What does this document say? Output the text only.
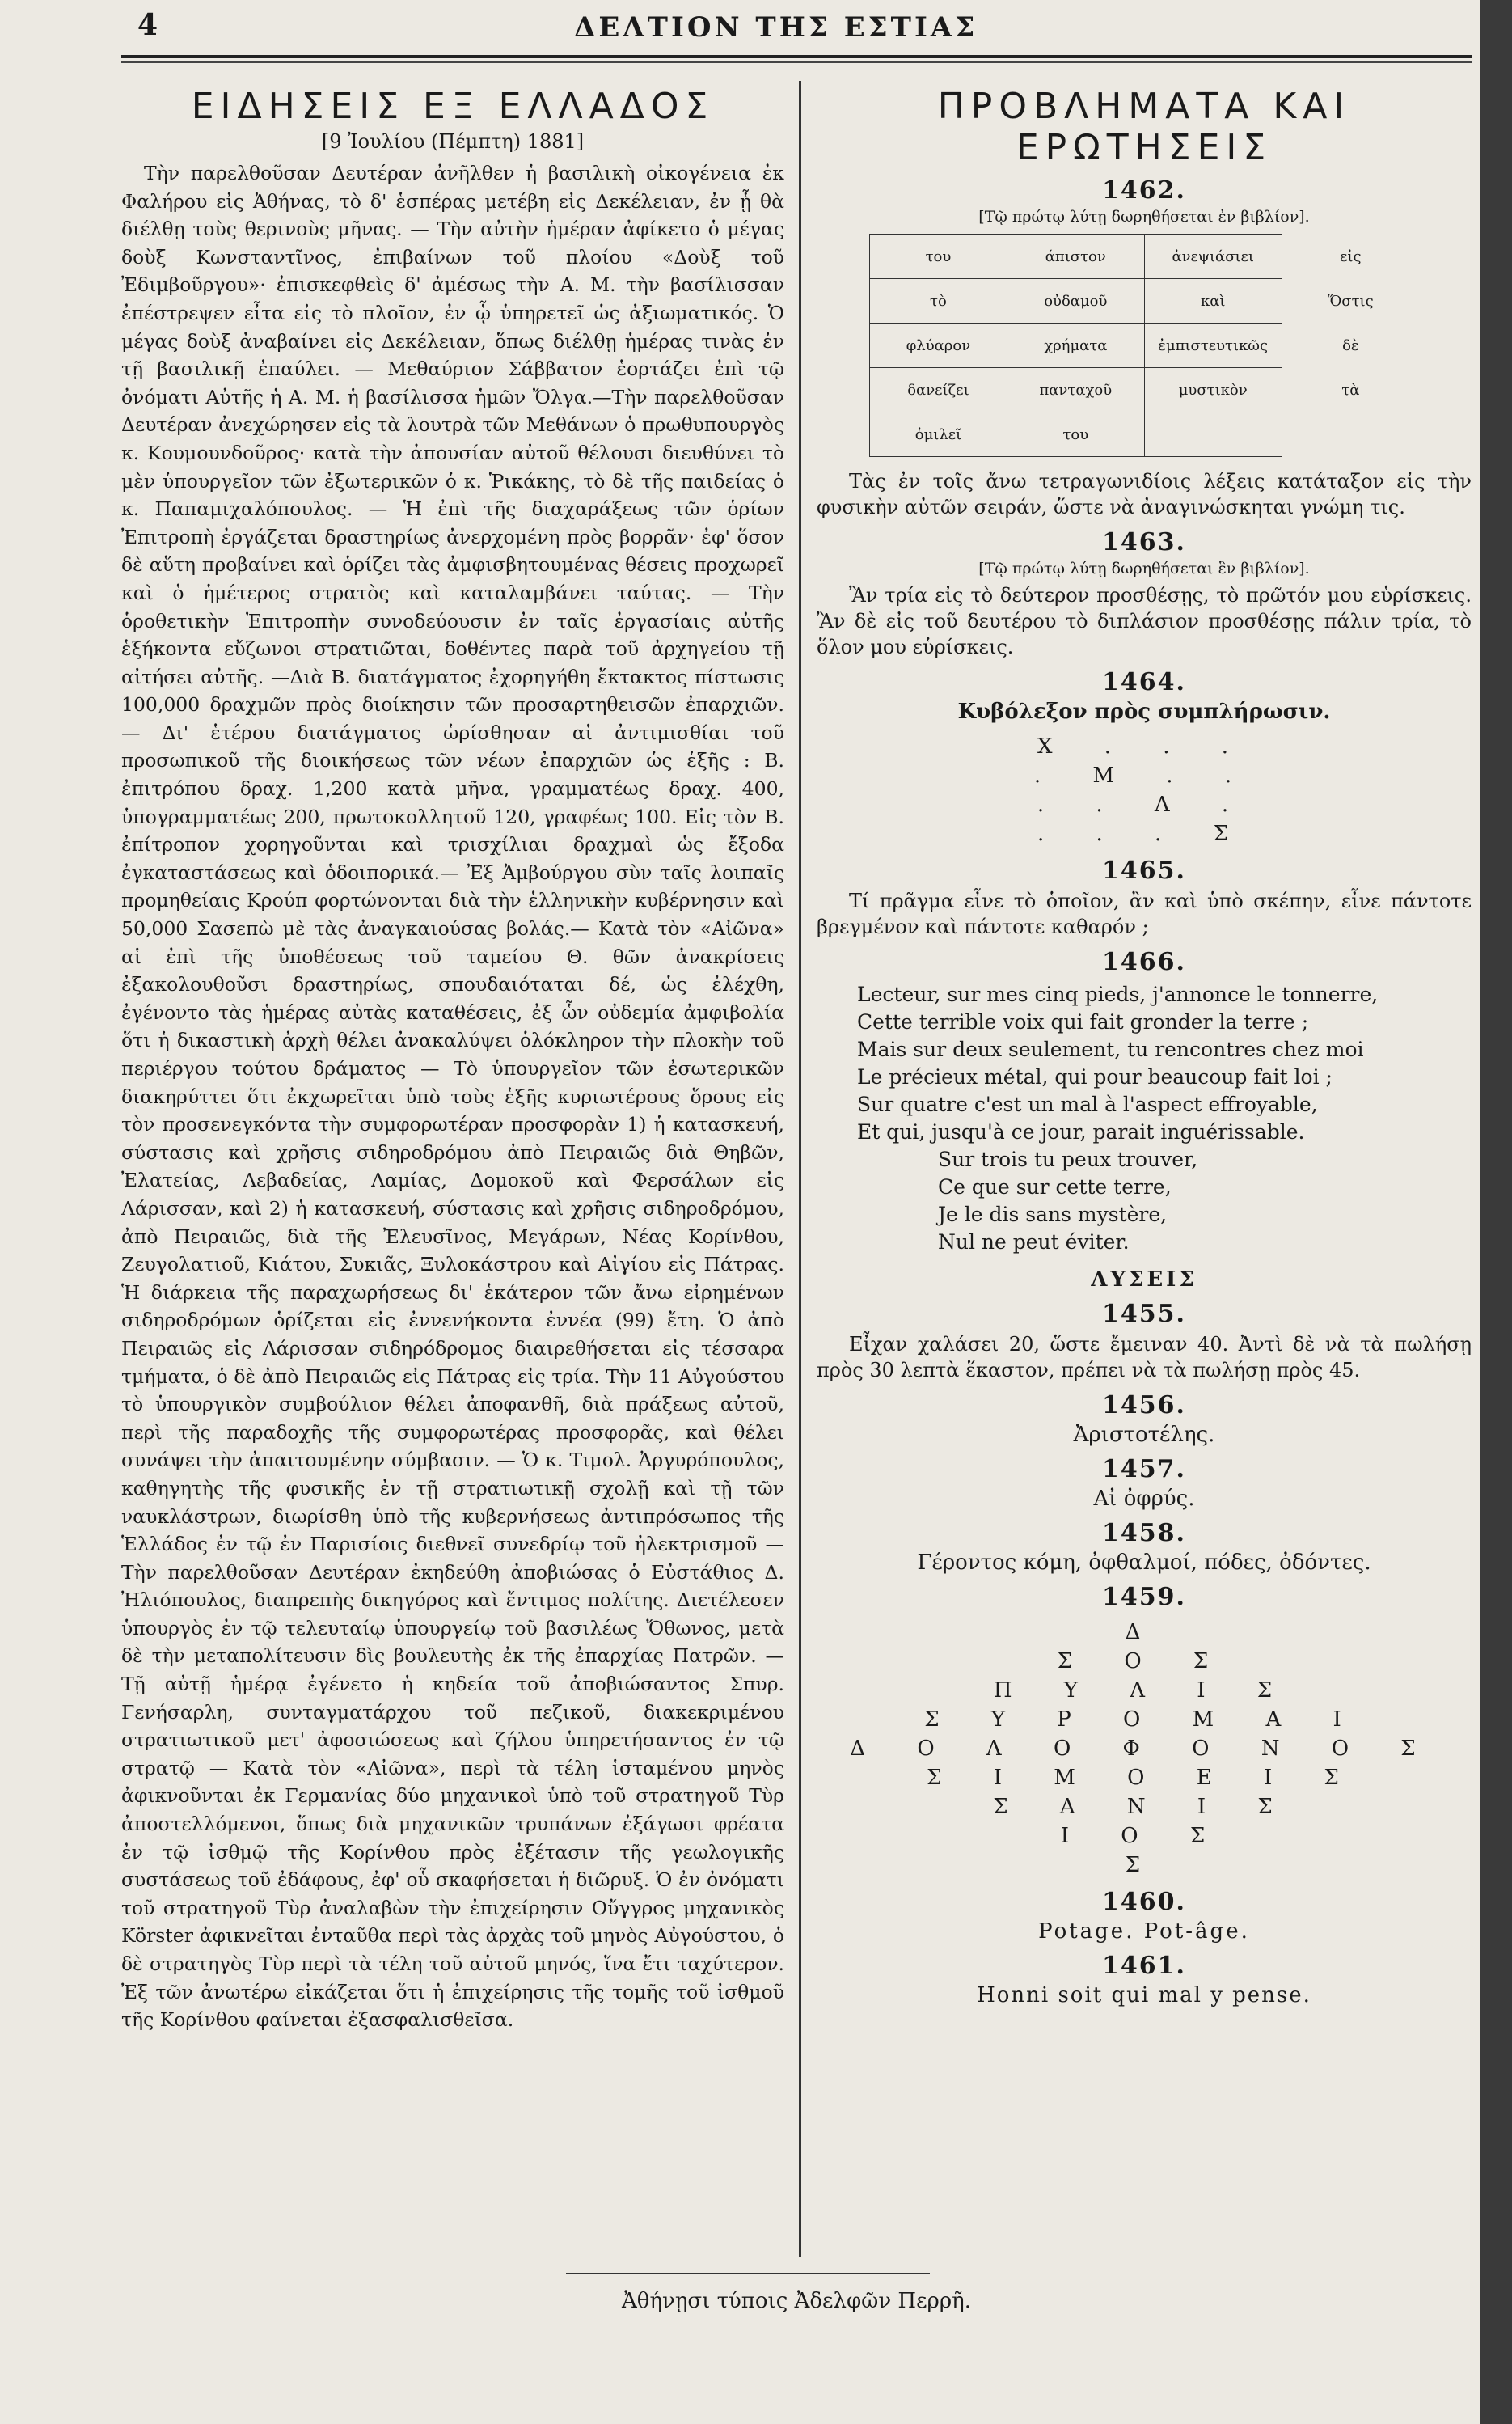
4	ΔΕΛΤΙΟΝ ΤΗΣ ΕΣΤΙΑΣ
ΕΙΔΗΣΕΙΣ ΕΞ ΕΛΛΑΔΟΣ
[9 Ἰουλίου (Πέμπτη) 1881]

Τὴν παρελθοῦσαν Δευτέραν ἀνῆλθεν ἡ βασιλικὴ οἰκογένεια ἐκ Φαλήρου εἰς Ἀθήνας, τὸ δ' ἑσπέρας μετέβη εἰς Δεκέλειαν, ἐν ᾗ θὰ διέλθῃ τοὺς θερινοὺς μῆνας. — Τὴν αὐτὴν ἡμέραν ἀφίκετο ὁ μέγας δοὺξ Κωνσταντῖνος, ἐπιβαίνων τοῦ πλοίου «Δοὺξ τοῦ Ἐδιμβοῦργου»· ἐπισκεφθεὶς δ' ἀμέσως τὴν Α. Μ. τὴν βασίλισσαν ἐπέστρεψεν εἶτα εἰς τὸ πλοῖον, ἐν ᾧ ὑπηρετεῖ ὡς ἀξιωματικός. Ὁ μέγας δοὺξ ἀναβαίνει εἰς Δεκέλειαν, ὅπως διέλθῃ ἡμέρας τινὰς ἐν τῇ βασιλικῇ ἐπαύλει. — Μεθαύριον Σάββατον ἑορτάζει ἐπὶ τῷ ὀνόματι Αὐτῆς ἡ Α. Μ. ἡ βασίλισσα ἡμῶν Ὄλγα.—Τὴν παρελθοῦσαν Δευτέραν ἀνεχώρησεν εἰς τὰ λουτρὰ τῶν Μεθάνων ὁ πρωθυπουργὸς κ. Κουμουνδοῦρος· κατὰ τὴν ἀπουσίαν αὐτοῦ θέλουσι διευθύνει τὸ μὲν ὑπουργεῖον τῶν ἐξωτερικῶν ὁ κ. Ῥικάκης, τὸ δὲ τῆς παιδείας ὁ κ. Παπαμιχαλόπουλος. — Ἡ ἐπὶ τῆς διαχαράξεως τῶν ὁρίων Ἐπιτροπὴ ἐργάζεται δραστηρίως ἀνερχομένη πρὸς βορρᾶν· ἐφ' ὅσον δὲ αὕτη προβαίνει καὶ ὁρίζει τὰς ἀμφισβητουμένας θέσεις προχωρεῖ καὶ ὁ ἡμέτερος στρατὸς καὶ καταλαμβάνει ταύτας. — Τὴν ὁροθετικὴν Ἐπιτροπὴν συνοδεύουσιν ἐν ταῖς ἐργασίαις αὐτῆς ἑξήκοντα εὔζωνοι στρατιῶται, δοθέντες παρὰ τοῦ ἀρχηγείου τῇ αἰτήσει αὐτῆς. —Διὰ Β. διατάγματος ἐχορηγήθη ἔκτακτος πίστωσις 100,000 δραχμῶν πρὸς διοίκησιν τῶν προσαρτηθεισῶν ἐπαρχιῶν. — Δι' ἑτέρου διατάγματος ὡρίσθησαν αἱ ἀντιμισθίαι τοῦ προσωπικοῦ τῆς διοικήσεως τῶν νέων ἐπαρχιῶν ὡς ἑξῆς : Β. ἐπιτρόπου δραχ. 1,200 κατὰ μῆνα, γραμματέως δραχ. 400, ὑπογραμματέως 200, πρωτοκολλητοῦ 120, γραφέως 100. Εἰς τὸν Β. ἐπίτροπον χορηγοῦνται καὶ τρισχίλιαι δραχμαὶ ὡς ἔξοδα ἐγκαταστάσεως καὶ ὁδοιπορικά.— Ἐξ Ἀμβούργου σὺν ταῖς λοιπαῖς προμηθείαις Κρούπ φορτώνονται διὰ τὴν ἑλληνικὴν κυβέρνησιν καὶ 50,000 Σασεπὼ μὲ τὰς ἀναγκαιούσας βολάς.— Κατὰ τὸν «Αἰῶνα» αἱ ἐπὶ τῆς ὑποθέσεως τοῦ ταμείου Θ. θῶν ἀνακρίσεις ἐξακολουθοῦσι δραστηρίως, σπουδαιόταται δέ, ὡς ἐλέχθη, ἐγένοντο τὰς ἡμέρας αὐτὰς καταθέσεις, ἐξ ὧν οὐδεμία ἀμφιβολία ὅτι ἡ δικαστικὴ ἀρχὴ θέλει ἀνακαλύψει ὁλόκληρον τὴν πλοκὴν τοῦ περιέργου τούτου δράματος — Τὸ ὑπουργεῖον τῶν ἐσωτερικῶν διακηρύττει ὅτι ἐκχωρεῖται ὑπὸ τοὺς ἑξῆς κυριωτέρους ὅρους εἰς τὸν προσενεγκόντα τὴν συμφορωτέραν προσφορὰν 1) ἡ κατασκευή, σύστασις καὶ χρῆσις σιδηροδρόμου ἀπὸ Πειραιῶς διὰ Θηβῶν, Ἐλατείας, Λεβαδείας, Λαμίας, Δομοκοῦ καὶ Φερσάλων εἰς Λάρισσαν, καὶ 2) ἡ κατασκευή, σύστασις καὶ χρῆσις σιδηροδρόμου, ἀπὸ Πειραιῶς, διὰ τῆς Ἐλευσῖνος, Μεγάρων, Νέας Κορίνθου, Ζευγολατιοῦ, Κιάτου, Συκιᾶς, Ξυλοκάστρου καὶ Αἰγίου εἰς Πάτρας. Ἡ διάρκεια τῆς παραχωρήσεως δι' ἑκάτερον τῶν ἄνω εἰρημένων σιδηροδρόμων ὁρίζεται εἰς ἐννενήκοντα ἐννέα (99) ἔτη. Ὁ ἀπὸ Πειραιῶς εἰς Λάρισσαν σιδηρόδρομος διαιρεθήσεται εἰς τέσσαρα τμήματα, ὁ δὲ ἀπὸ Πειραιῶς εἰς Πάτρας εἰς τρία. Τὴν 11 Αὐγούστου τὸ ὑπουργικὸν συμβούλιον θέλει ἀποφανθῆ, διὰ πράξεως αὐτοῦ, περὶ τῆς παραδοχῆς τῆς συμφορωτέρας προσφορᾶς, καὶ θέλει συνάψει τὴν ἀπαιτουμένην σύμβασιν. — Ὁ κ. Τιμολ. Ἀργυρόπουλος, καθηγητὴς τῆς φυσικῆς ἐν τῇ στρατιωτικῇ σχολῇ καὶ τῇ τῶν ναυκλάστρων, διωρίσθη ὑπὸ τῆς κυβερνήσεως ἀντιπρόσωπος τῆς Ἑλλάδος ἐν τῷ ἐν Παρισίοις διεθνεῖ συνεδρίῳ τοῦ ἠλεκτρισμοῦ —Τὴν παρελθοῦσαν Δευτέραν ἐκηδεύθη ἀποβιώσας ὁ Εὐστάθιος Δ. Ἠλιόπουλος, διαπρεπὴς δικηγόρος καὶ ἔντιμος πολίτης. Διετέλεσεν ὑπουργὸς ἐν τῷ τελευταίῳ ὑπουργείῳ τοῦ βασιλέως Ὄθωνος, μετὰ δὲ τὴν μεταπολίτευσιν δὶς βουλευτὴς ἐκ τῆς ἐπαρχίας Πατρῶν. — Τῇ αὐτῇ ἡμέρᾳ ἐγένετο ἡ κηδεία τοῦ ἀποβιώσαντος Σπυρ. Γενήσαρλη, συνταγματάρχου τοῦ πεζικοῦ, διακεκριμένου στρατιωτικοῦ μετ' ἀφοσιώσεως καὶ ζήλου ὑπηρετήσαντος ἐν τῷ στρατῷ — Κατὰ τὸν «Αἰῶνα», περὶ τὰ τέλη ἱσταμένου μηνὸς ἀφικνοῦνται ἐκ Γερμανίας δύο μηχανικοὶ ὑπὸ τοῦ στρατηγοῦ Τὺρ ἀποστελλόμενοι, ὅπως διὰ μηχανικῶν τρυπάνων ἐξάγωσι φρέατα ἐν τῷ ἰσθμῷ τῆς Κορίνθου πρὸς ἐξέτασιν τῆς γεωλογικῆς συστάσεως τοῦ ἐδάφους, ἐφ' οὗ σκαφήσεται ἡ διῶρυξ. Ὁ ἐν ὀνόματι τοῦ στρατηγοῦ Τὺρ ἀναλαβὼν τὴν ἐπιχείρησιν Οὔγγρος μηχανικὸς Körster ἀφικνεῖται ἐνταῦθα περὶ τὰς ἀρχὰς τοῦ μηνὸς Αὐγούστου, ὁ δὲ στρατηγὸς Τὺρ περὶ τὰ τέλη τοῦ αὐτοῦ μηνός, ἵνα ἔτι ταχύτερον. Ἐξ τῶν ἀνωτέρω εἰκάζεται ὅτι ἡ ἐπιχείρησις τῆς τομῆς τοῦ ἰσθμοῦ τῆς Κορίνθου φαίνεται ἐξασφαλισθεῖσα.

ΠΡΟΒΛΗΜΑΤΑ ΚΑΙ ΕΡΩΤΗΣΕΙΣ
1462.
[Τῷ πρώτῳ λύτῃ δωρηθήσεται ἐν βιβλίον].
του	άπιστον	ἀνεψιάσιει	εἰς
τὸ	οὐδαμοῦ	καὶ	Ὅστις
φλύαρον	χρήματα	ἐμπιστευτικῶς	δὲ
δανείζει	πανταχοῦ	μυστικὸν	τὰ
ὁμιλεῖ	του		

Τὰς ἐν τοῖς ἄνω τετραγωνιδίοις λέξεις κατάταξον εἰς τὴν φυσικὴν αὐτῶν σειράν, ὥστε νὰ ἀναγινώσκηται γνώμη τις.

1463.
[Τῷ πρώτῳ λύτῃ δωρηθήσεται ἓν βιβλίον].

Ἂν τρία εἰς τὸ δεύτερον προσθέσῃς, τὸ πρῶτόν μου εὑρίσκεις. Ἂν δὲ εἰς τοῦ δευτέρου τὸ διπλάσιον προσθέσῃς πάλιν τρία, τὸ ὅλον μου εὑρίσκεις.

1464.
Κυβόλεξον πρὸς συμπλήρωσιν.
Χ . . .
. Μ . .
. . Λ .
. . . Σ
1465.

Τί πρᾶγμα εἶνε τὸ ὁποῖον, ἂν καὶ ὑπὸ σκέπην, εἶνε πάντοτε βρεγμένον καὶ πάντοτε καθαρόν ;

1466.
Lecteur, sur mes cinq pieds, j'annonce le tonnerre,
Cette terrible voix qui fait gronder la terre ;
Mais sur deux seulement, tu rencontres chez moi
Le précieux métal, qui pour beaucoup fait loi ;
Sur quatre c'est un mal à l'aspect effroyable,
Et qui, jusqu'à ce jour, parait inguérissable.
Sur trois tu peux trouver,
Ce que sur cette terre,
Je le dis sans mystère,
Nul ne peut éviter.
ΛΥΣΕΙΣ
1455.

Εἶχαν χαλάσει 20, ὥστε ἔμειναν 40. Ἀντὶ δὲ νὰ τὰ πωλήσῃ πρὸς 30 λεπτὰ ἕκαστον, πρέπει νὰ τὰ πωλήσῃ πρὸς 45.

1456.
Ἀριστοτέλης.
1457.
Αἰ ὀφρύς.
1458.
Γέροντος κόμη, ὀφθαλμοί, πόδες, ὀδόντες.
1459.
Δ
Σ Ο Σ
Π Υ Λ Ι Σ
Σ Υ Ρ Ο Μ Α Ι
Δ Ο Λ Ο Φ Ο Ν Ο Σ
Σ Ι Μ Ο Ε Ι Σ
Σ Α Ν Ι Σ
Ι Ο Σ
Σ
1460.
Potage. Pot-âge.
1461.
Honni soit qui mal y pense.
Ἀθήνῃσι τύποις Ἀδελφῶν Περρῆ.
